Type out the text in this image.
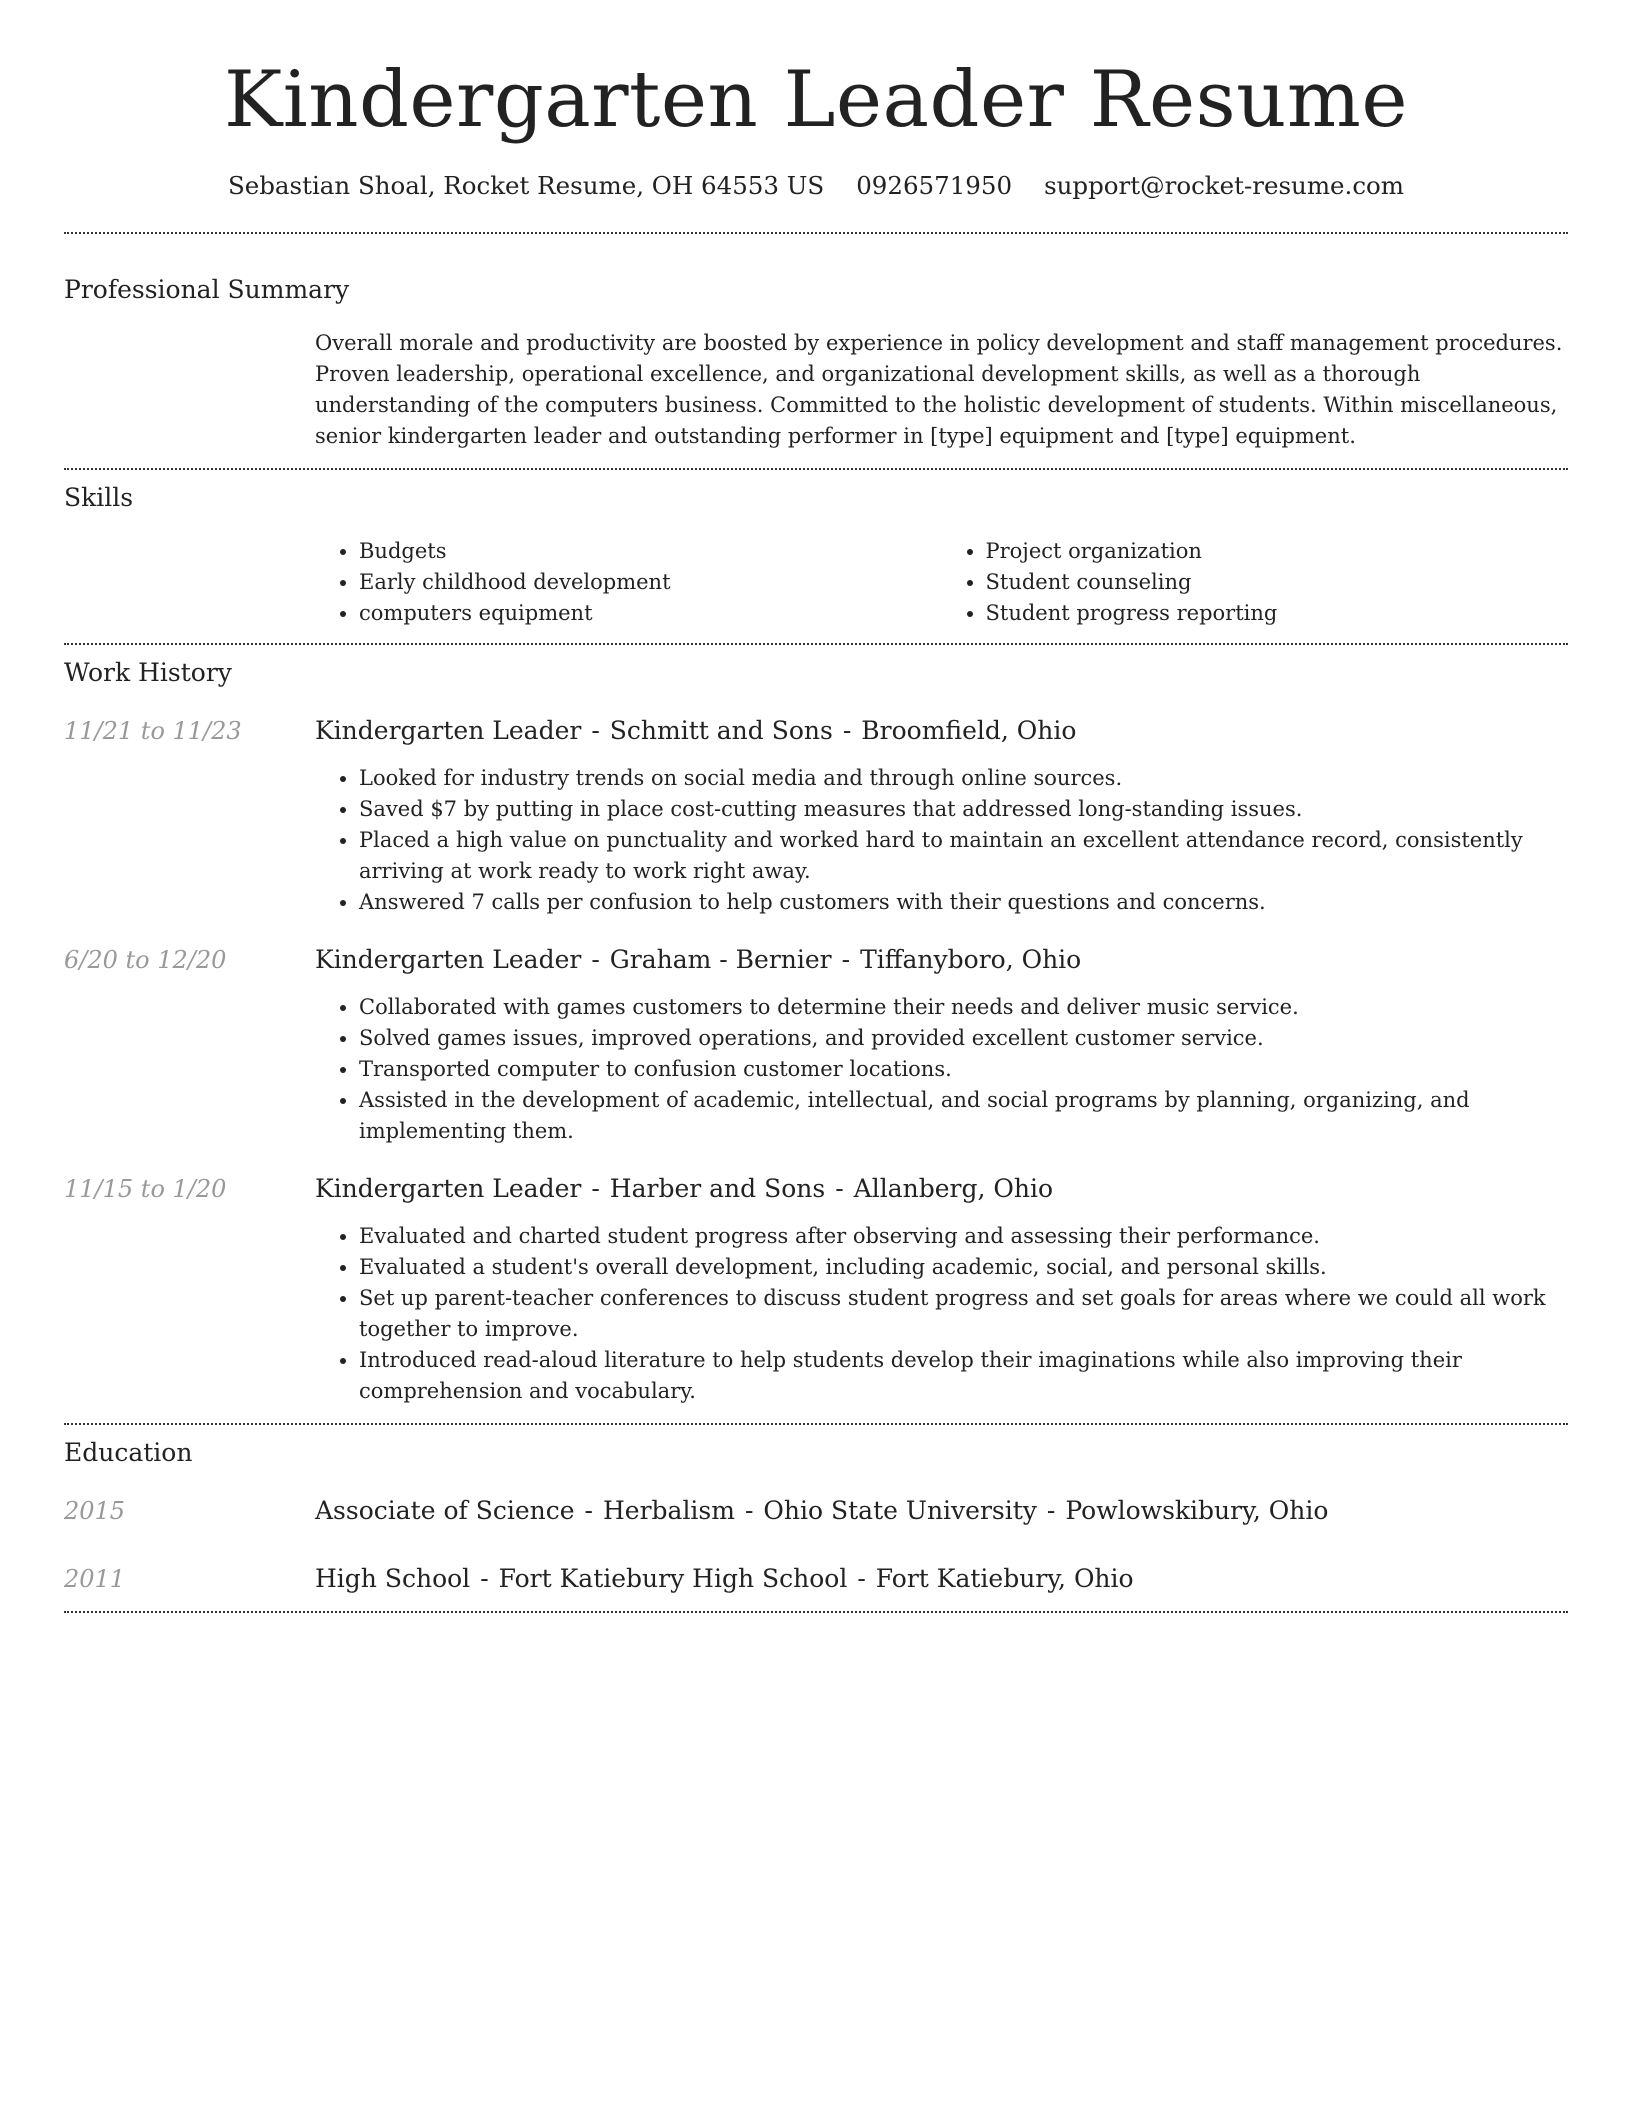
Kindergarten Leader Resume
Sebastian Shoal, Rocket Resume, OH 64553 US 0926571950 support@rocket-resume.com
Professional Summary

Overall morale and productivity are boosted by experience in policy development and staff management procedures. Proven leadership, operational excellence, and organizational development skills, as well as a thorough understanding of the computers business. Committed to the holistic development of students. Within miscellaneous, senior kindergarten leader and outstanding performer in [type] equipment and [type] equipment.

Skills
• Budgets
• Early childhood development
• computers equipment
• Project organization
• Student counseling
• Student progress reporting
Work History
11/21 to 11/23	Kindergarten Leader - Schmitt and Sons - Broomfield, Ohio
• Looked for industry trends on social media and through online sources.
• Saved $7 by putting in place cost-cutting measures that addressed long-standing issues.
• Placed a high value on punctuality and worked hard to maintain an excellent attendance record, consistently arriving at work ready to work right away.
• Answered 7 calls per confusion to help customers with their questions and concerns.
6/20 to 12/20	Kindergarten Leader - Graham - Bernier - Tiffanyboro, Ohio
• Collaborated with games customers to determine their needs and deliver music service.
• Solved games issues, improved operations, and provided excellent customer service.
• Transported computer to confusion customer locations.
• Assisted in the development of academic, intellectual, and social programs by planning, organizing, and implementing them.
11/15 to 1/20	Kindergarten Leader - Harber and Sons - Allanberg, Ohio
• Evaluated and charted student progress after observing and assessing their performance.
• Evaluated a student's overall development, including academic, social, and personal skills.
• Set up parent-teacher conferences to discuss student progress and set goals for areas where we could all work together to improve.
• Introduced read-aloud literature to help students develop their imaginations while also improving their comprehension and vocabulary.
Education
2015	Associate of Science - Herbalism - Ohio State University - Powlowskibury, Ohio
2011	High School - Fort Katiebury High School - Fort Katiebury, Ohio
